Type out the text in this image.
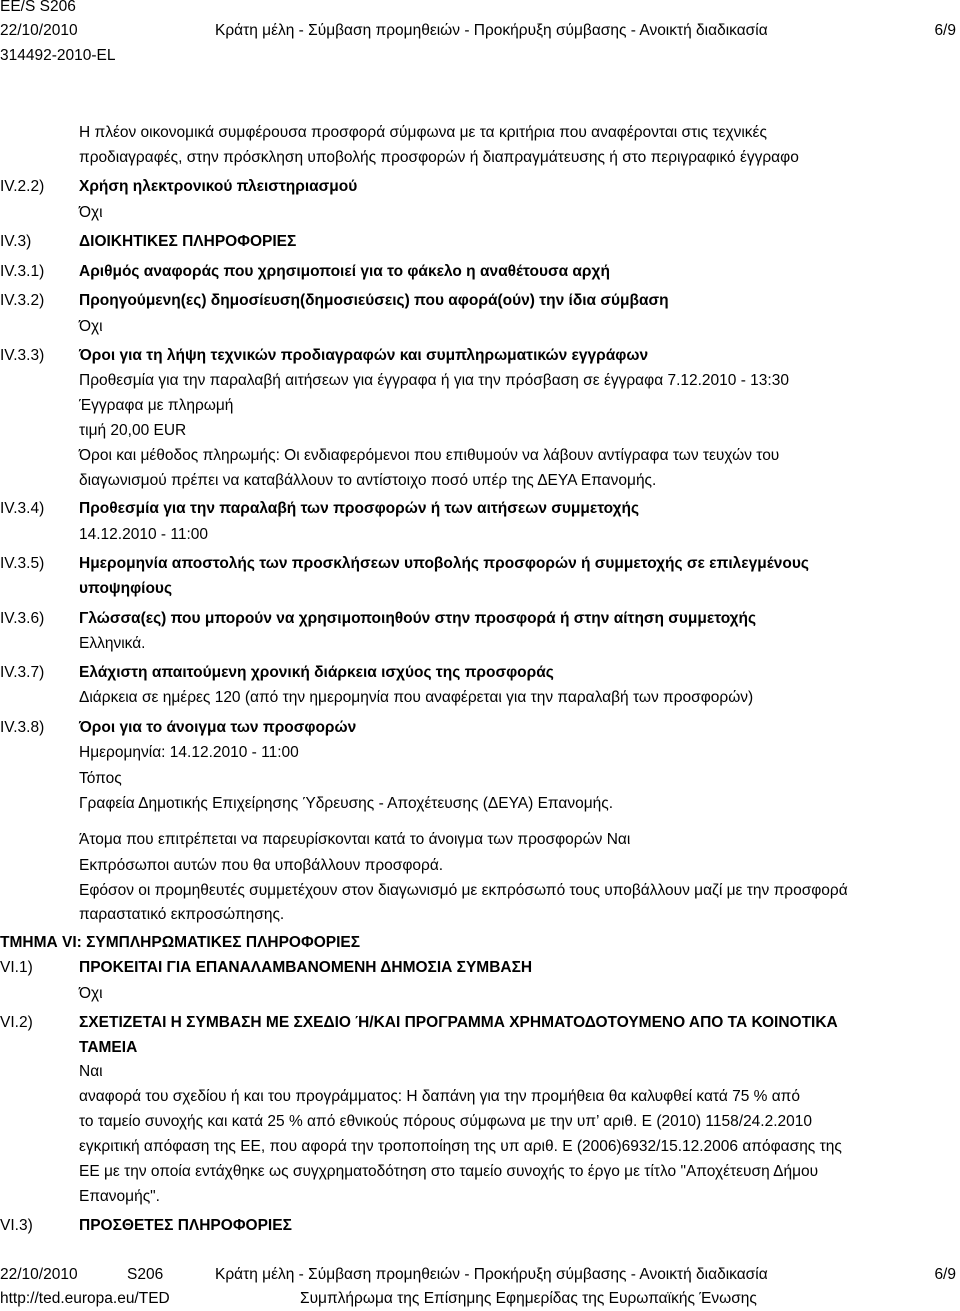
EE/S S206
22/10/2010	Κράτη μέλη - Σύμβαση προμηθειών - Προκήρυξη σύμβασης - Ανοικτή διαδικασία	6/9
314492-2010-EL
Η πλέον οικονομικά συμφέρουσα προσφορά σύμφωνα με τα κριτήρια που αναφέρονται στις τεχνικές
προδιαγραφές, στην πρόσκληση υποβολής προσφορών ή διαπραγμάτευσης ή στο περιγραφικό έγγραφο
IV.2.2)	Χρήση ηλεκτρονικού πλειστηριασμού
Όχι
IV.3)	ΔΙΟΙΚΗΤΙΚΕΣ ΠΛΗΡΟΦΟΡΙΕΣ
IV.3.1)	Αριθμός αναφοράς που χρησιμοποιεί για το φάκελο η αναθέτουσα αρχή
IV.3.2)	Προηγούμενη(ες) δημοσίευση(δημοσιεύσεις) που αφορά(ούν) την ίδια σύμβαση
Όχι
IV.3.3)	Όροι για τη λήψη τεχνικών προδιαγραφών και συμπληρωματικών εγγράφων
Προθεσμία για την παραλαβή αιτήσεων για έγγραφα ή για την πρόσβαση σε έγγραφα 7.12.2010 - 13:30
Έγγραφα με πληρωμή
τιμή 20,00 EUR
Όροι και μέθοδος πληρωμής: Οι ενδιαφερόμενοι που επιθυμούν να λάβουν αντίγραφα των τευχών του
διαγωνισμού πρέπει να καταβάλλουν το αντίστοιχο ποσό υπέρ της ΔΕΥΑ Επανομής.
IV.3.4)	Προθεσμία για την παραλαβή των προσφορών ή των αιτήσεων συμμετοχής
14.12.2010 - 11:00
IV.3.5)	Ημερομηνία αποστολής των προσκλήσεων υποβολής προσφορών ή συμμετοχής σε επιλεγμένους
υποψηφίους
IV.3.6)	Γλώσσα(ες) που μπορούν να χρησιμοποιηθούν στην προσφορά ή στην αίτηση συμμετοχής
Ελληνικά.
IV.3.7)	Ελάχιστη απαιτούμενη χρονική διάρκεια ισχύος της προσφοράς
Διάρκεια σε ημέρες 120 (από την ημερομηνία που αναφέρεται για την παραλαβή των προσφορών)
IV.3.8)	Όροι για το άνοιγμα των προσφορών
Ημερομηνία: 14.12.2010 - 11:00
Τόπος
Γραφεία Δημοτικής Επιχείρησης Ύδρευσης - Αποχέτευσης (ΔΕΥΑ) Επανομής.
Άτομα που επιτρέπεται να παρευρίσκονται κατά το άνοιγμα των προσφορών Ναι
Εκπρόσωποι αυτών που θα υποβάλλουν προσφορά.
Εφόσον οι προμηθευτές συμμετέχουν στον διαγωνισμό με εκπρόσωπό τους υποβάλλουν μαζί με την προσφορά
παραστατικό εκπροσώπησης.
ΤΜΗΜΑ VI: ΣΥΜΠΛΗΡΩΜΑΤΙΚΕΣ ΠΛΗΡΟΦΟΡΙΕΣ
VI.1)	ΠΡΟΚΕΙΤΑΙ ΓΙΑ ΕΠΑΝΑΛΑΜΒΑΝΟΜΕΝΗ ΔΗΜΟΣΙΑ ΣΥΜΒΑΣΗ
Όχι
VI.2)	ΣΧΕΤΙΖΕΤΑΙ Η ΣΥΜΒΑΣΗ ΜΕ ΣΧΕΔΙΟ Ή/ΚΑΙ ΠΡΟΓΡΑΜΜΑ ΧΡΗΜΑΤΟΔΟΤΟΥΜΕΝΟ ΑΠΟ ΤΑ ΚΟΙΝΟΤΙΚΑ
ΤΑΜΕΙΑ
Ναι
αναφορά του σχεδίου ή και του προγράμματος: Η δαπάνη για την προμήθεια θα καλυφθεί κατά 75 % από
το ταμείο συνοχής και κατά 25 % από εθνικούς πόρους σύμφωνα με την υπ’ αριθ. Ε (2010) 1158/24.2.2010
εγκριτική απόφαση της ΕΕ, που αφορά την τροποποίηση της υπ αριθ. Ε (2006)6932/15.12.2006 απόφασης της
ΕΕ με την οποία εντάχθηκε ως συγχρηματοδότηση στο ταμείο συνοχής το έργο με τίτλο "Αποχέτευση Δήμου
Επανομής".
VI.3)	ΠΡΟΣΘΕΤΕΣ ΠΛΗΡΟΦΟΡΙΕΣ
22/10/2010	S206	Κράτη μέλη - Σύμβαση προμηθειών - Προκήρυξη σύμβασης - Ανοικτή διαδικασία	6/9
http://ted.europa.eu/TED	Συμπλήρωμα της Επίσημης Εφημερίδας της Ευρωπαϊκής Ένωσης
